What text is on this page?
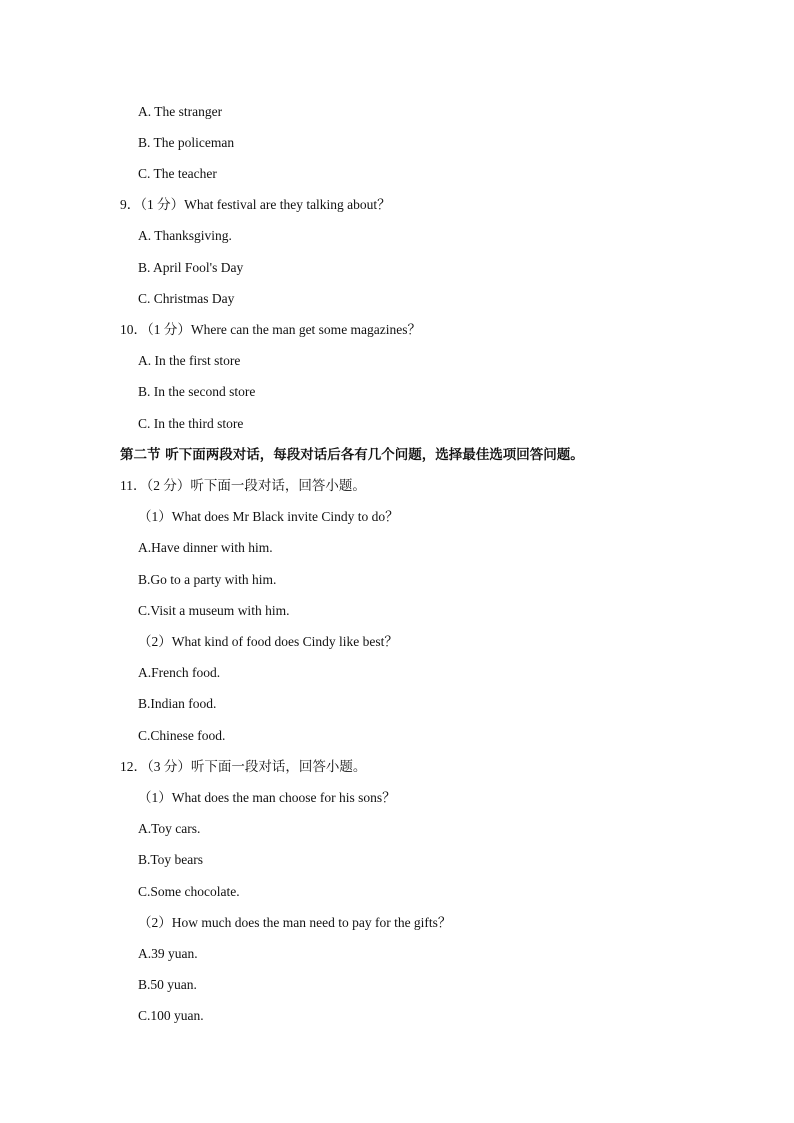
A. The stranger
B. The policeman
C. The teacher
9．（1 分）What festival are they talking about？
A. Thanksgiving.
B. April Fool's Day
C. Christmas Day
10．（1 分）Where can the man get some magazines？
A. In the first store
B. In the second store
C. In the third store
第二节 听下面两段对话，每段对话后各有几个问题，选择最佳选项回答问题。
11．（2 分）听下面一段对话，回答小题。
（1）What does Mr Black invite Cindy to do？
A.Have dinner with him.
B.Go to a party with him.
C.Visit a museum with him.
（2）What kind of food does Cindy like best？
A.French food.
B.Indian food.
C.Chinese food.
12．（3 分）听下面一段对话，回答小题。
（1）What does the man choose for his sons？
A.Toy cars.
B.Toy bears
C.Some chocolate.
（2）How much does the man need to pay for the gifts？
A.39 yuan.
B.50 yuan.
C.100 yuan.
